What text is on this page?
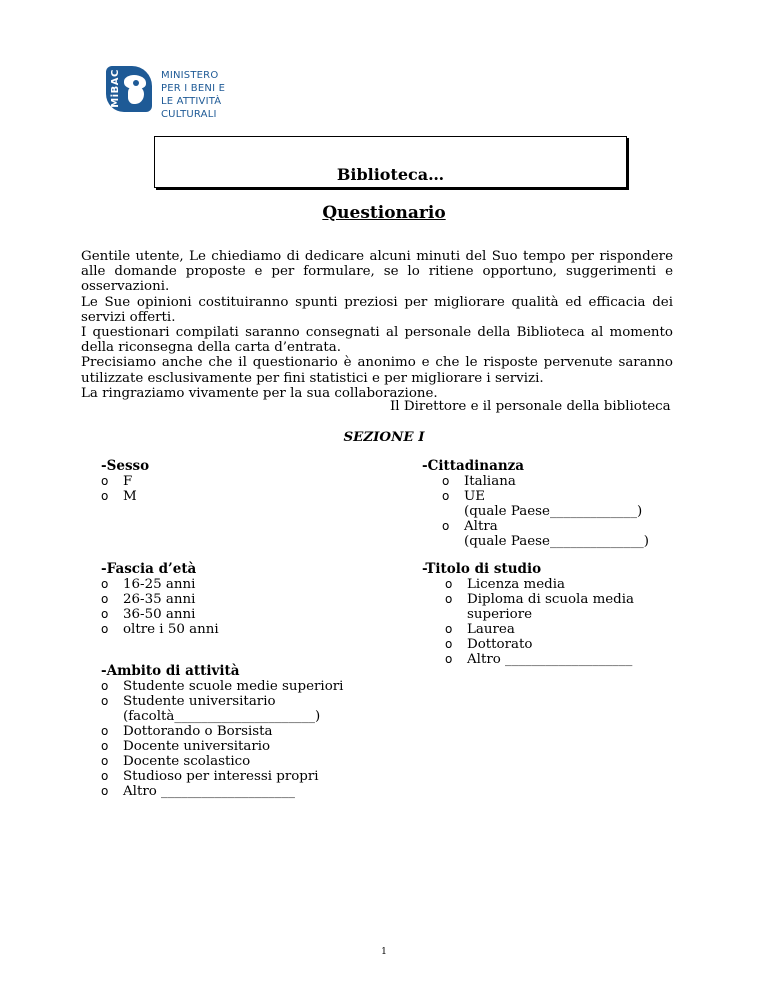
MiBAC	MINISTERO
PER I BENI E
LE ATTIVITÀ
CULTURALI
Biblioteca…
Questionario

Gentile utente, Le chiediamo di dedicare alcuni minuti del Suo tempo per rispondere alle domande proposte e per formulare, se lo ritiene opportuno, suggerimenti e osservazioni.

Le Sue opinioni costituiranno spunti preziosi per migliorare qualità ed efficacia dei servizi offerti.

I questionari compilati saranno consegnati al personale della Biblioteca al momento della riconsegna della carta d’entrata.

Precisiamo anche che il questionario è anonimo e che le risposte pervenute saranno utilizzate esclusivamente per fini statistici e per migliorare i servizi.

La ringraziamo vivamente per la sua collaborazione.

Il Direttore e il personale della biblioteca
SEZIONE I
-Sesso
o F
o M
-Cittadinanza
o Italiana
o UE
(quale Paese_____________)
o Altra
(quale Paese______________)
-Fascia d’età
o 16-25 anni
o 26-35 anni
o 36-50 anni
o oltre i 50 anni
-Titolo di studio
o Licenza media
o Diploma di scuola media
superiore
o Laurea
o Dottorato
o Altro ___________________
-Ambito di attività
o Studente scuole medie superiori
o Studente universitario
(facoltà_____________________)
o Dottorando o Borsista
o Docente universitario
o Docente scolastico
o Studioso per interessi propri
o Altro ____________________
1
